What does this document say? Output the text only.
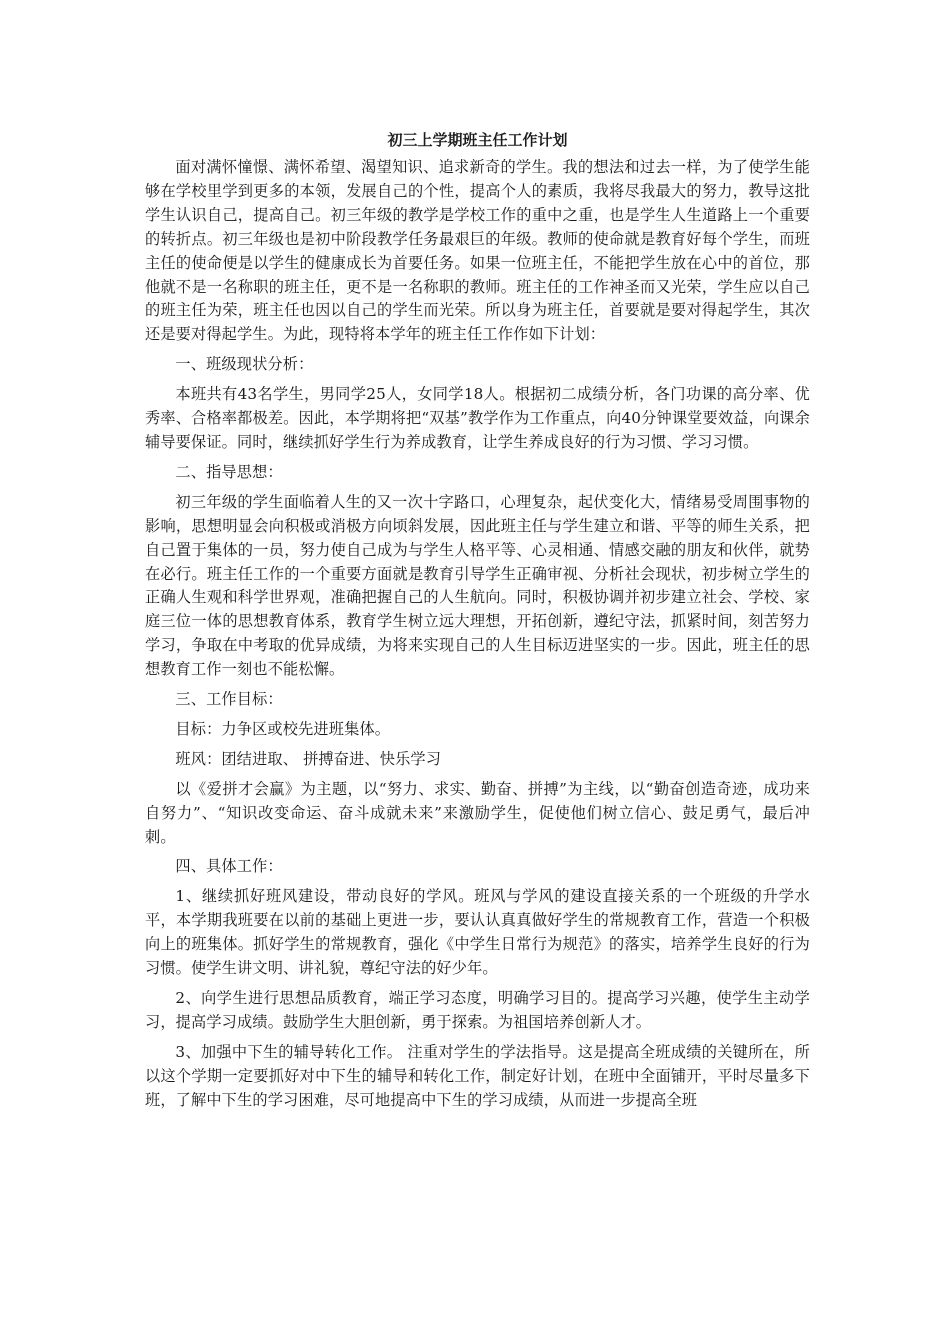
初三上学期班主任工作计划

面对满怀憧憬、满怀希望、渴望知识、追求新奇的学生。我的想法和过去一样，为了使学生能够在学校里学到更多的本领，发展自己的个性，提高个人的素质，我将尽我最大的努力，教导这批学生认识自己，提高自己。初三年级的教学是学校工作的重中之重，也是学生人生道路上一个重要的转折点。初三年级也是初中阶段教学任务最艰巨的年级。教师的使命就是教育好每个学生，而班主任的使命便是以学生的健康成长为首要任务。如果一位班主任，不能把学生放在心中的首位，那他就不是一名称职的班主任，更不是一名称职的教师。班主任的工作神圣而又光荣，学生应以自己的班主任为荣，班主任也因以自己的学生而光荣。所以身为班主任，首要就是要对得起学生，其次还是要对得起学生。为此，现特将本学年的班主任工作作如下计划：

一、班级现状分析：

本班共有43名学生，男同学25人，女同学18人。根据初二成绩分析，各门功课的高分率、优秀率、合格率都极差。因此，本学期将把“双基”教学作为工作重点，向40分钟课堂要效益，向课余辅导要保证。同时，继续抓好学生行为养成教育，让学生养成良好的行为习惯、学习习惯。

二、指导思想：

初三年级的学生面临着人生的又一次十字路口，心理复杂，起伏变化大，情绪易受周围事物的影响，思想明显会向积极或消极方向顷斜发展，因此班主任与学生建立和谐、平等的师生关系，把自己置于集体的一员，努力使自己成为与学生人格平等、心灵相通、情感交融的朋友和伙伴，就势在必行。班主任工作的一个重要方面就是教育引导学生正确审视、分析社会现状，初步树立学生的正确人生观和科学世界观，准确把握自己的人生航向。同时，积极协调并初步建立社会、学校、家庭三位一体的思想教育体系，教育学生树立远大理想，开拓创新，遵纪守法，抓紧时间，刻苦努力学习，争取在中考取的优异成绩，为将来实现自己的人生目标迈进坚实的一步。因此，班主任的思想教育工作一刻也不能松懈。

三、工作目标：

目标：力争区或校先进班集体。

班风：团结进取、 拼搏奋进、快乐学习

以《爱拼才会赢》为主题，以“努力、求实、勤奋、拼搏”为主线，以“勤奋创造奇迹，成功来自努力”、“知识改变命运、奋斗成就未来”来激励学生，促使他们树立信心、鼓足勇气，最后冲刺。

四、具体工作：

1、继续抓好班风建设，带动良好的学风。班风与学风的建设直接关系的一个班级的升学水平，本学期我班要在以前的基础上更进一步，要认认真真做好学生的常规教育工作，营造一个积极向上的班集体。抓好学生的常规教育，强化《中学生日常行为规范》的落实，培养学生良好的行为习惯。使学生讲文明、讲礼貌，尊纪守法的好少年。

2、向学生进行思想品质教育，端正学习态度，明确学习目的。提高学习兴趣，使学生主动学习，提高学习成绩。鼓励学生大胆创新，勇于探索。为祖国培养创新人才。

3、加强中下生的辅导转化工作。 注重对学生的学法指导。这是提高全班成绩的关键所在，所以这个学期一定要抓好对中下生的辅导和转化工作，制定好计划，在班中全面铺开，平时尽量多下班，了解中下生的学习困难，尽可地提高中下生的学习成绩，从而进一步提高全班
